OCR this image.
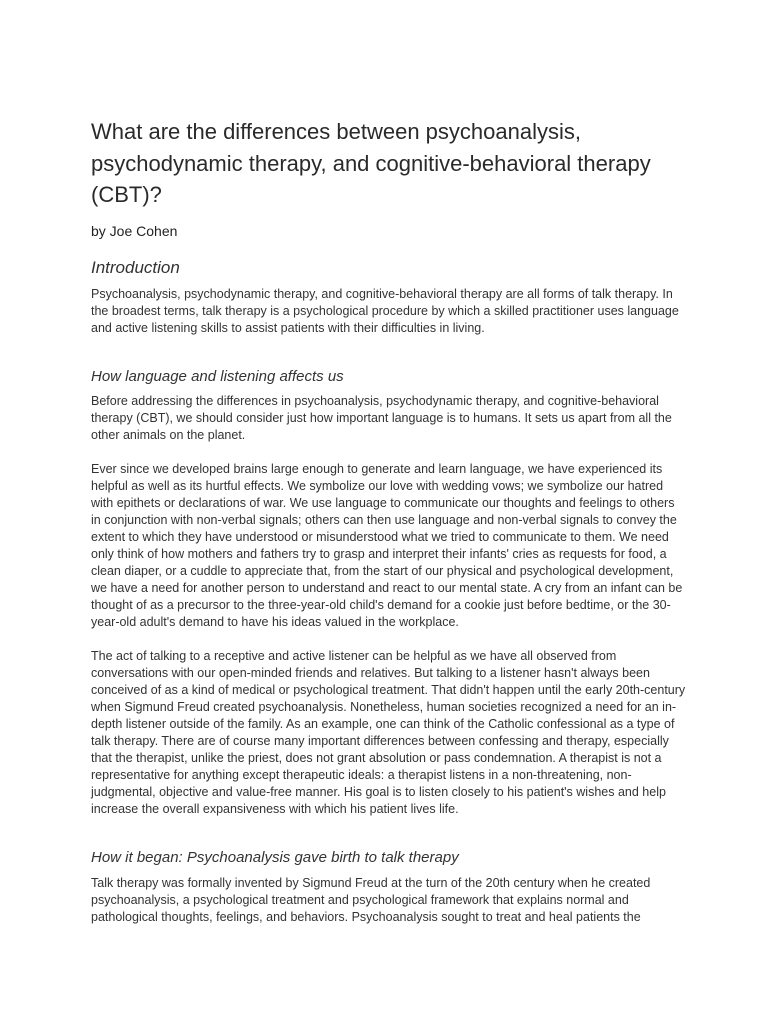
What are the differences between psychoanalysis, psychodynamic therapy, and cognitive-behavioral therapy (CBT)?

by Joe Cohen

Introduction

Psychoanalysis, psychodynamic therapy, and cognitive-behavioral therapy are all forms of talk therapy. In the broadest terms, talk therapy is a psychological procedure by which a skilled practitioner uses language and active listening skills to assist patients with their difficulties in living.

How language and listening affects us

Before addressing the differences in psychoanalysis, psychodynamic therapy, and cognitive-behavioral therapy (CBT), we should consider just how important language is to humans. It sets us apart from all the other animals on the planet.

Ever since we developed brains large enough to generate and learn language, we have experienced its helpful as well as its hurtful effects. We symbolize our love with wedding vows; we symbolize our hatred with epithets or declarations of war. We use language to communicate our thoughts and feelings to others in conjunction with non-verbal signals; others can then use language and non-verbal signals to convey the extent to which they have understood or misunderstood what we tried to communicate to them. We need only think of how mothers and fathers try to grasp and interpret their infants' cries as requests for food, a clean diaper, or a cuddle to appreciate that, from the start of our physical and psychological development, we have a need for another person to understand and react to our mental state. A cry from an infant can be thought of as a precursor to the three-year-old child's demand for a cookie just before bedtime, or the 30-year-old adult's demand to have his ideas valued in the workplace.

The act of talking to a receptive and active listener can be helpful as we have all observed from conversations with our open-minded friends and relatives. But talking to a listener hasn't always been conceived of as a kind of medical or psychological treatment. That didn't happen until the early 20th-century when Sigmund Freud created psychoanalysis. Nonetheless, human societies recognized a need for an in-depth listener outside of the family. As an example, one can think of the Catholic confessional as a type of talk therapy. There are of course many important differences between confessing and therapy, especially that the therapist, unlike the priest, does not grant absolution or pass condemnation. A therapist is not a representative for anything except therapeutic ideals: a therapist listens in a non-threatening, non-judgmental, objective and value-free manner. His goal is to listen closely to his patient's wishes and help increase the overall expansiveness with which his patient lives life.

How it began: Psychoanalysis gave birth to talk therapy

Talk therapy was formally invented by Sigmund Freud at the turn of the 20th century when he created psychoanalysis, a psychological treatment and psychological framework that explains normal and pathological thoughts, feelings, and behaviors. Psychoanalysis sought to treat and heal patients the
